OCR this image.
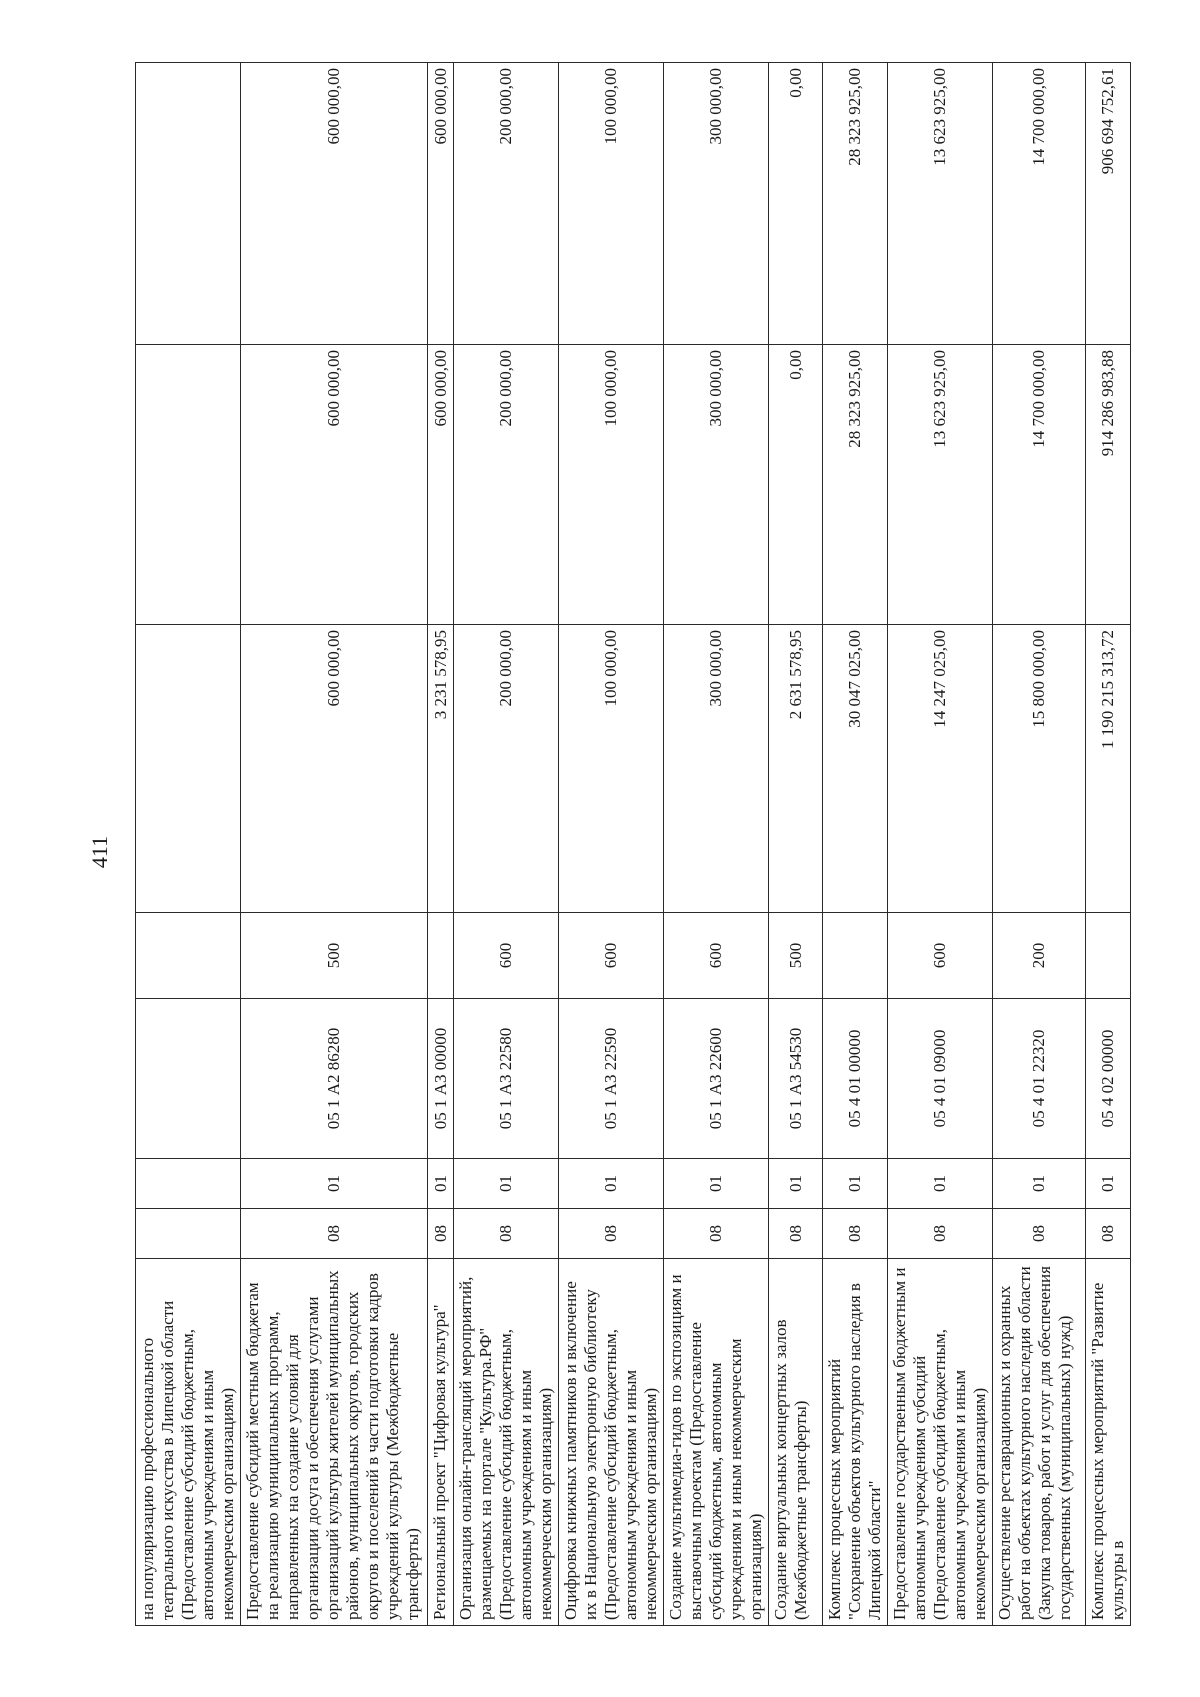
411
на популяризацию профессионального театрального искусства в Липецкой области (Предоставление субсидий бюджетным, автономным учреждениям и иным некоммерческим организациям)							
Предоставление субсидий местным бюджетам на реализацию муниципальных программ, направленных на создание условий для организации досуга и обеспечения услугами организаций культуры жителей муниципальных районов, муниципальных округов, городских округов и поселений в части подготовки кадров учреждений культуры (Межбюджетные трансферты)	08	01	05 1 А2 86280	500	600 000,00	600 000,00	600 000,00
Региональный проект "Цифровая культура"	08	01	05 1 А3 00000		3 231 578,95	600 000,00	600 000,00
Организация онлайн-трансляций мероприятий, размещаемых на портале "Культура.РФ" (Предоставление субсидий бюджетным, автономным учреждениям и иным некоммерческим организациям)	08	01	05 1 А3 22580	600	200 000,00	200 000,00	200 000,00
Оцифровка книжных памятников и включение их в Национальную электронную библиотеку (Предоставление субсидий бюджетным, автономным учреждениям и иным некоммерческим организациям)	08	01	05 1 А3 22590	600	100 000,00	100 000,00	100 000,00
Создание мультимедиа-гидов по экспозициям и выставочным проектам (Предоставление субсидий бюджетным, автономным учреждениям и иным некоммерческим организациям)	08	01	05 1 А3 22600	600	300 000,00	300 000,00	300 000,00
Создание виртуальных концертных залов (Межбюджетные трансферты)	08	01	05 1 А3 54530	500	2 631 578,95	0,00	0,00
Комплекс процессных мероприятий "Сохранение объектов культурного наследия в Липецкой области"	08	01	05 4 01 00000		30 047 025,00	28 323 925,00	28 323 925,00
Предоставление государственным бюджетным и автономным учреждениям субсидий (Предоставление субсидий бюджетным, автономным учреждениям и иным некоммерческим организациям)	08	01	05 4 01 09000	600	14 247 025,00	13 623 925,00	13 623 925,00
Осуществление реставрационных и охранных работ на объектах культурного наследия области (Закупка товаров, работ и услуг для обеспечения государственных (муниципальных) нужд)	08	01	05 4 01 22320	200	15 800 000,00	14 700 000,00	14 700 000,00
Комплекс процессных мероприятий "Развитие культуры в	08	01	05 4 02 00000		1 190 215 313,72	914 286 983,88	906 694 752,61
